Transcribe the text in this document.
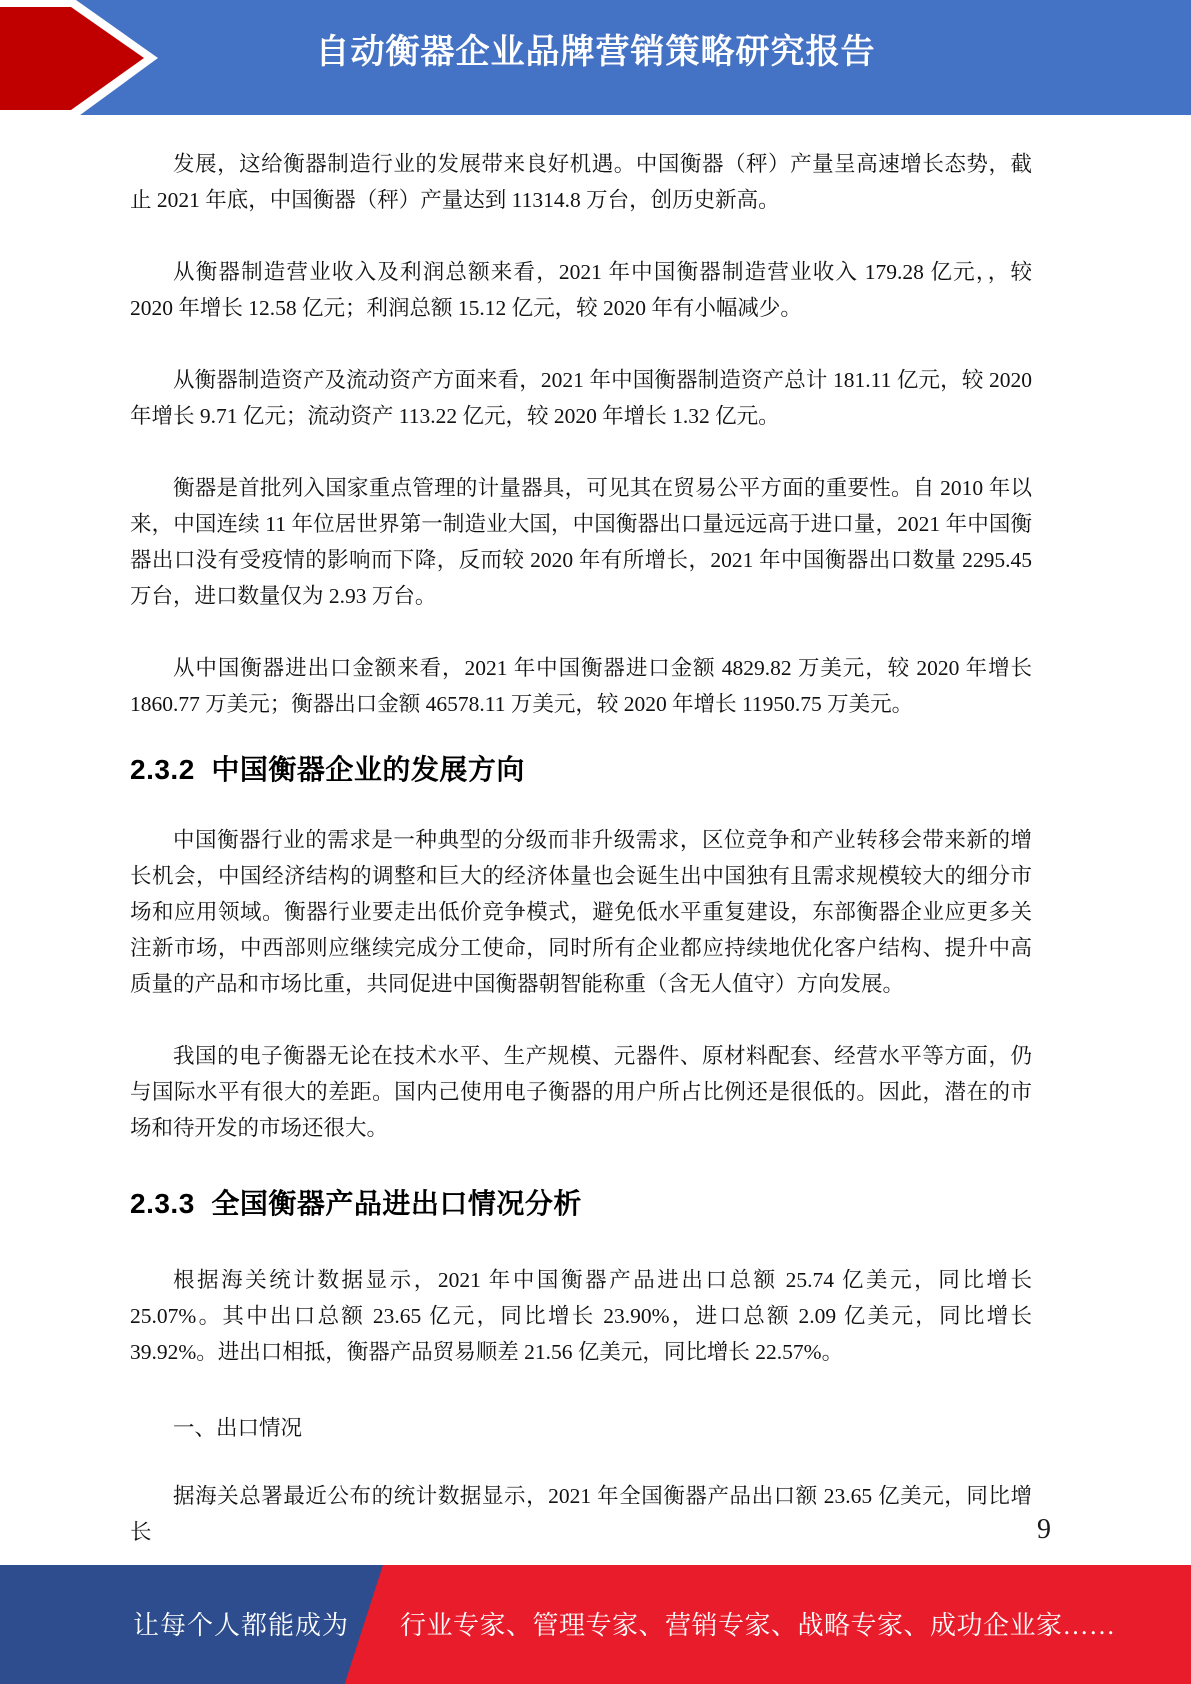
自动衡器企业品牌营销策略研究报告

发展，这给衡器制造行业的发展带来良好机遇。中国衡器（秤）产量呈高速增长态势，截止 2021 年底，中国衡器（秤）产量达到 11314.8 万台，创历史新高。

从衡器制造营业收入及利润总额来看，2021 年中国衡器制造营业收入 179.28 亿元，，较 2020 年增长 12.58 亿元；利润总额 15.12 亿元，较 2020 年有小幅减少。

从衡器制造资产及流动资产方面来看，2021 年中国衡器制造资产总计 181.11 亿元，较 2020 年增长 9.71 亿元；流动资产 113.22 亿元，较 2020 年增长 1.32 亿元。

衡器是首批列入国家重点管理的计量器具，可见其在贸易公平方面的重要性。自 2010 年以来，中国连续 11 年位居世界第一制造业大国，中国衡器出口量远远高于进口量，2021 年中国衡器出口没有受疫情的影响而下降，反而较 2020 年有所增长，2021 年中国衡器出口数量 2295.45 万台，进口数量仅为 2.93 万台。

从中国衡器进出口金额来看，2021 年中国衡器进口金额 4829.82 万美元，较 2020 年增长 1860.77 万美元；衡器出口金额 46578.11 万美元，较 2020 年增长 11950.75 万美元。

2.3.2  中国衡器企业的发展方向

中国衡器行业的需求是一种典型的分级而非升级需求，区位竞争和产业转移会带来新的增长机会，中国经济结构的调整和巨大的经济体量也会诞生出中国独有且需求规模较大的细分市场和应用领域。衡器行业要走出低价竞争模式，避免低水平重复建设，东部衡器企业应更多关注新市场，中西部则应继续完成分工使命，同时所有企业都应持续地优化客户结构、提升中高质量的产品和市场比重，共同促进中国衡器朝智能称重（含无人值守）方向发展。

我国的电子衡器无论在技术水平、生产规模、元器件、原材料配套、经营水平等方面，仍与国际水平有很大的差距。国内己使用电子衡器的用户所占比例还是很低的。因此，潜在的市场和待开发的市场还很大。

2.3.3  全国衡器产品进出口情况分析

根据海关统计数据显示，2021 年中国衡器产品进出口总额 25.74 亿美元，同比增长 25.07%。其中出口总额 23.65 亿元，同比增长 23.90%，进口总额 2.09 亿美元，同比增长 39.92%。进出口相抵，衡器产品贸易顺差 21.56 亿美元，同比增长 22.57%。

一、出口情况

据海关总署最近公布的统计数据显示，2021 年全国衡器产品出口额 23.65 亿美元，同比增长	9
让每个人都能成为 行业专家、管理专家、营销专家、战略专家、成功企业家……
